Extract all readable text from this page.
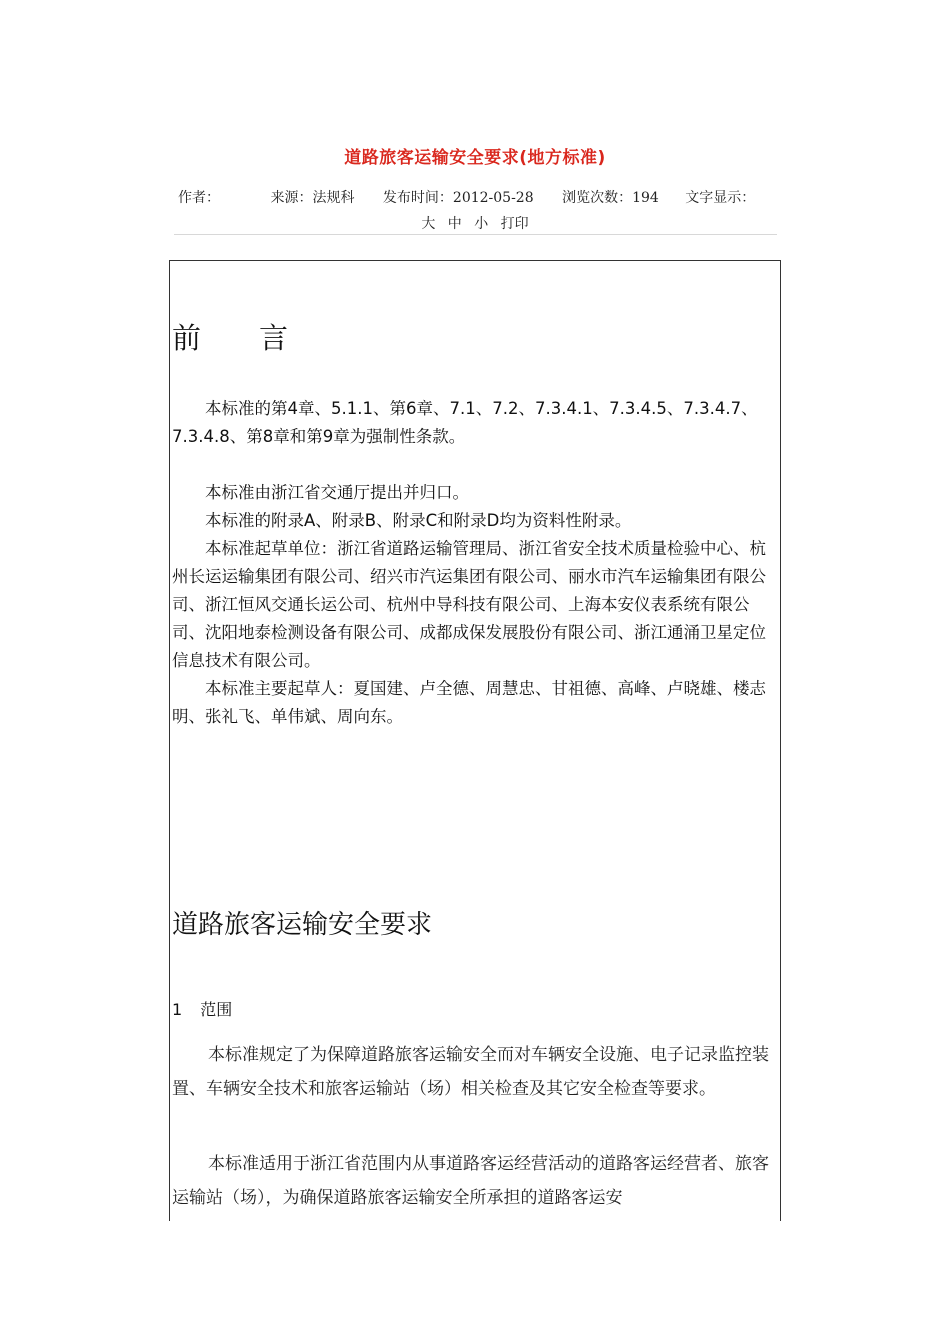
道路旅客运输安全要求(地方标准)
作者：	来源：法规科 发布时间：2012-05-28 浏览次数：194 文字显示：
大 中 小 打印
前言
本标准的第4章、5.1.1、第6章、7.1、7.2、7.3.4.1、7.3.4.5、7.3.4.7、7.3.4.8、第8章和第9章为强制性条款。
本标准由浙江省交通厅提出并归口。
本标准的附录A、附录B、附录C和附录D均为资料性附录。
本标准起草单位：浙江省道路运输管理局、浙江省安全技术质量检验中心、杭州长运运输集团有限公司、绍兴市汽运集团有限公司、丽水市汽车运输集团有限公司、浙江恒风交通长运公司、杭州中导科技有限公司、上海本安仪表系统有限公司、沈阳地泰检测设备有限公司、成都成保发展股份有限公司、浙江通涌卫星定位信息技术有限公司。
本标准主要起草人：夏国建、卢全德、周慧忠、甘祖德、高峰、卢晓雄、楼志明、张礼飞、单伟斌、周向东。
道路旅客运输安全要求
1 范围
本标准规定了为保障道路旅客运输安全而对车辆安全设施、电子记录监控装置、车辆安全技术和旅客运输站（场）相关检查及其它安全检查等要求。
本标准适用于浙江省范围内从事道路客运经营活动的道路客运经营者、旅客运输站（场），为确保道路旅客运输安全所承担的道路客运安
